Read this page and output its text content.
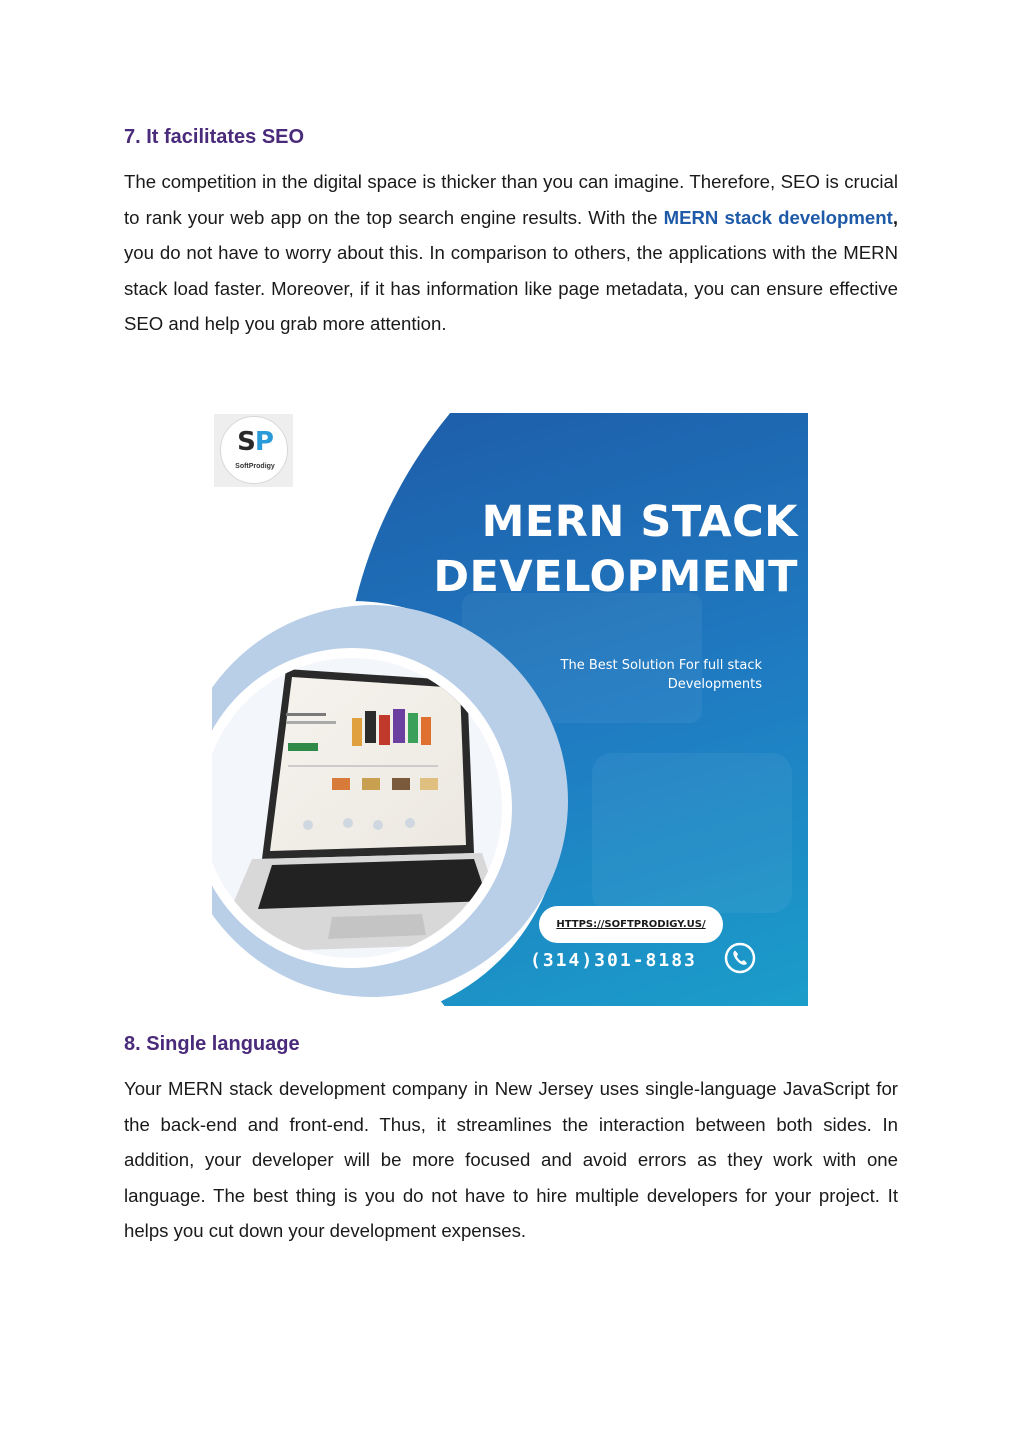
7. It facilitates SEO

The competition in the digital space is thicker than you can imagine. Therefore, SEO is crucial to rank your web app on the top search engine results. With the MERN stack development, you do not have to worry about this. In comparison to others, the applications with the MERN stack load faster. Moreover, if it has information like page metadata, you can ensure effective SEO and help you grab more attention.

SP
SoftProdigy
MERN STACK
DEVELOPMENT
The Best Solution For full stack
Developments
HTTPS://SOFTPRODIGY.US/
(314)301-8183
8. Single language

Your MERN stack development company in New Jersey uses single-language JavaScript for the back-end and front-end. Thus, it streamlines the interaction between both sides. In addition, your developer will be more focused and avoid errors as they work with one language. The best thing is you do not have to hire multiple developers for your project. It helps you cut down your development expenses.
